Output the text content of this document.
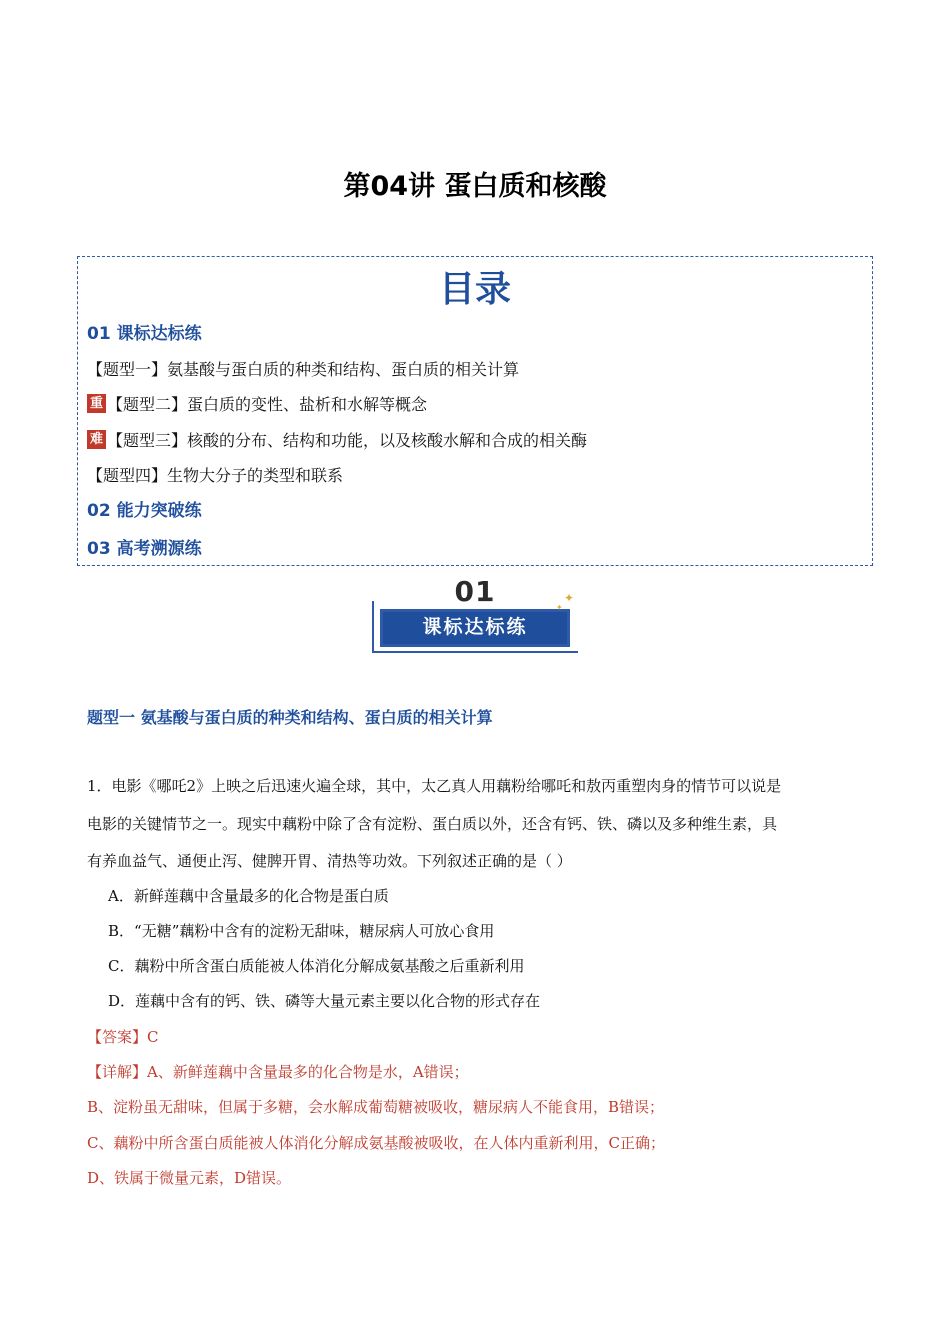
第04讲 蛋白质和核酸
目录
01 课标达标练
【题型一】氨基酸与蛋白质的种类和结构、蛋白质的相关计算
重 【题型二】蛋白质的变性、盐析和水解等概念
难 【题型三】核酸的分布、结构和功能，以及核酸水解和合成的相关酶
【题型四】生物大分子的类型和联系
02 能力突破练
03 高考溯源练
01
课标达标练
✦
✦
题型一 氨基酸与蛋白质的种类和结构、蛋白质的相关计算
1．电影《哪吒2》上映之后迅速火遍全球，其中，太乙真人用藕粉给哪吒和敖丙重塑肉身的情节可以说是
电影的关键情节之一。现实中藕粉中除了含有淀粉、蛋白质以外，还含有钙、铁、磷以及多种维生素，具
有养血益气、通便止泻、健脾开胃、清热等功效。下列叙述正确的是（ ）
A．新鲜莲藕中含量最多的化合物是蛋白质
B．“无糖”藕粉中含有的淀粉无甜味，糖尿病人可放心食用
C．藕粉中所含蛋白质能被人体消化分解成氨基酸之后重新利用
D．莲藕中含有的钙、铁、磷等大量元素主要以化合物的形式存在
【答案】C
【详解】A、新鲜莲藕中含量最多的化合物是水，A错误；
B、淀粉虽无甜味，但属于多糖，会水解成葡萄糖被吸收，糖尿病人不能食用，B错误；
C、藕粉中所含蛋白质能被人体消化分解成氨基酸被吸收，在人体内重新利用，C正确；
D、铁属于微量元素，D错误。
